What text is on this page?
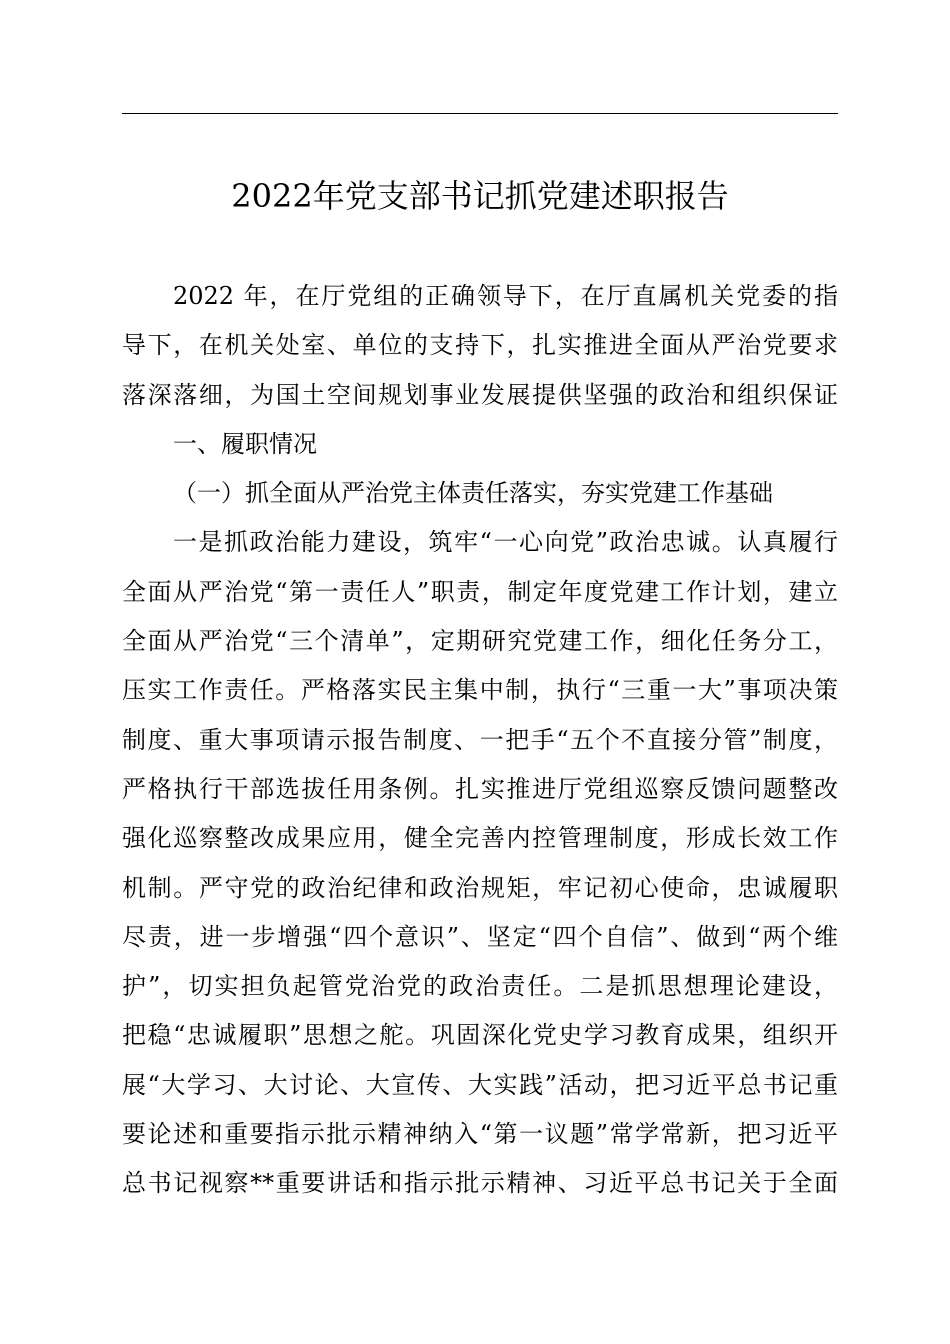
2022年党支部书记抓党建述职报告
2022 年，在厅党组的正确领导下，在厅直属机关党委的指
导下，在机关处室、单位的支持下，扎实推进全面从严治党要求
落深落细，为国土空间规划事业发展提供坚强的政治和组织保证
一、履职情况
（一）抓全面从严治党主体责任落实，夯实党建工作基础
一是抓政治能力建设，筑牢“一心向党”政治忠诚。认真履行
全面从严治党“第一责任人”职责，制定年度党建工作计划，建立
全面从严治党“三个清单”，定期研究党建工作，细化任务分工，
压实工作责任。严格落实民主集中制，执行“三重一大”事项决策
制度、重大事项请示报告制度、一把手“五个不直接分管”制度，
严格执行干部选拔任用条例。扎实推进厅党组巡察反馈问题整改
强化巡察整改成果应用，健全完善内控管理制度，形成长效工作
机制。严守党的政治纪律和政治规矩，牢记初心使命，忠诚履职
尽责，进一步增强“四个意识”、坚定“四个自信”、做到“两个维
护”，切实担负起管党治党的政治责任。二是抓思想理论建设，
把稳“忠诚履职”思想之舵。巩固深化党史学习教育成果，组织开
展“大学习、大讨论、大宣传、大实践”活动，把习近平总书记重
要论述和重要指示批示精神纳入“第一议题”常学常新，把习近平
总书记视察**重要讲话和指示批示精神、习近平总书记关于全面
